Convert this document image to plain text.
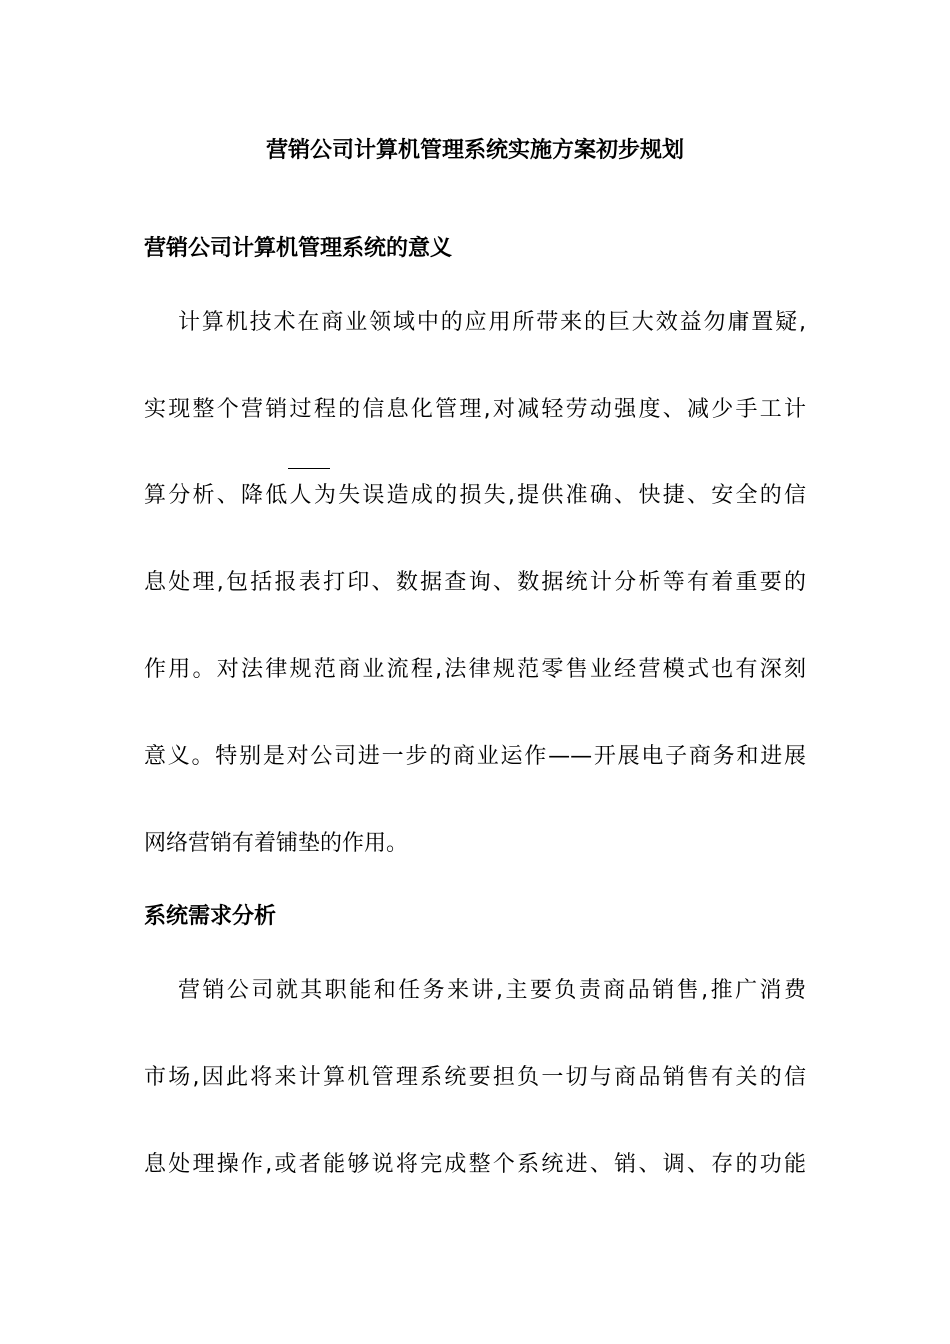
营销公司计算机管理系统实施方案初步规划
营销公司计算机管理系统的意义
计算机技术在商业领域中的应用所带来的巨大效益勿庸置疑,
实现整个营销过程的信息化管理,对减轻劳动强度、减少手工计
算分析、降低人为失误造成的损失,提供准确、快捷、安全的信
息处理,包括报表打印、数据查询、数据统计分析等有着重要的
作用。对法律规范商业流程,法律规范零售业经营模式也有深刻
意义。特别是对公司进一步的商业运作——开展电子商务和进展
网络营销有着铺垫的作用。
系统需求分析
营销公司就其职能和任务来讲,主要负责商品销售,推广消费
市场,因此将来计算机管理系统要担负一切与商品销售有关的信
息处理操作,或者能够说将完成整个系统进、销、调、存的功能
